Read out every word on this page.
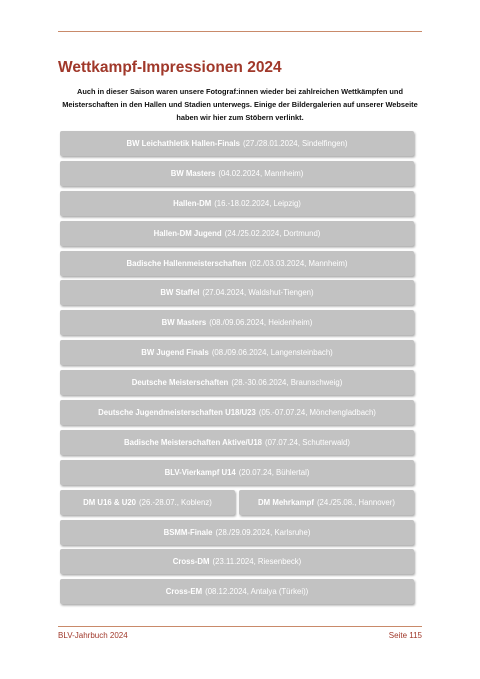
Wettkampf-Impressionen 2024

Auch in dieser Saison waren unsere Fotograf:innen wieder bei zahlreichen Wettkämpfen und Meisterschaften in den Hallen und Stadien unterwegs. Einige der Bildergalerien auf unserer Webseite haben wir hier zum Stöbern verlinkt.

BW Leichathletik Hallen-Finals (27./28.01.2024, Sindelfingen)
BW Masters (04.02.2024, Mannheim)
Hallen-DM (16.-18.02.2024, Leipzig)
Hallen-DM Jugend (24./25.02.2024, Dortmund)
Badische Hallenmeisterschaften (02./03.03.2024, Mannheim)
BW Staffel (27.04.2024, Waldshut-Tiengen)
BW Masters (08./09.06.2024, Heidenheim)
BW Jugend Finals (08./09.06.2024, Langensteinbach)
Deutsche Meisterschaften (28.-30.06.2024, Braunschweig)
Deutsche Jugendmeisterschaften U18/U23 (05.-07.07.24, Mönchengladbach)
Badische Meisterschaften Aktive/U18 (07.07.24, Schutterwald)
BLV-Vierkampf U14 (20.07.24, Bühlertal)
DM U16 & U20 (26.-28.07., Koblenz)	DM Mehrkampf (24./25.08., Hannover)
BSMM-Finale (28./29.09.2024, Karlsruhe)
Cross-DM (23.11.2024, Riesenbeck)
Cross-EM (08.12.2024, Antalya (Türkei))
BLV-Jahrbuch 2024	Seite 115
